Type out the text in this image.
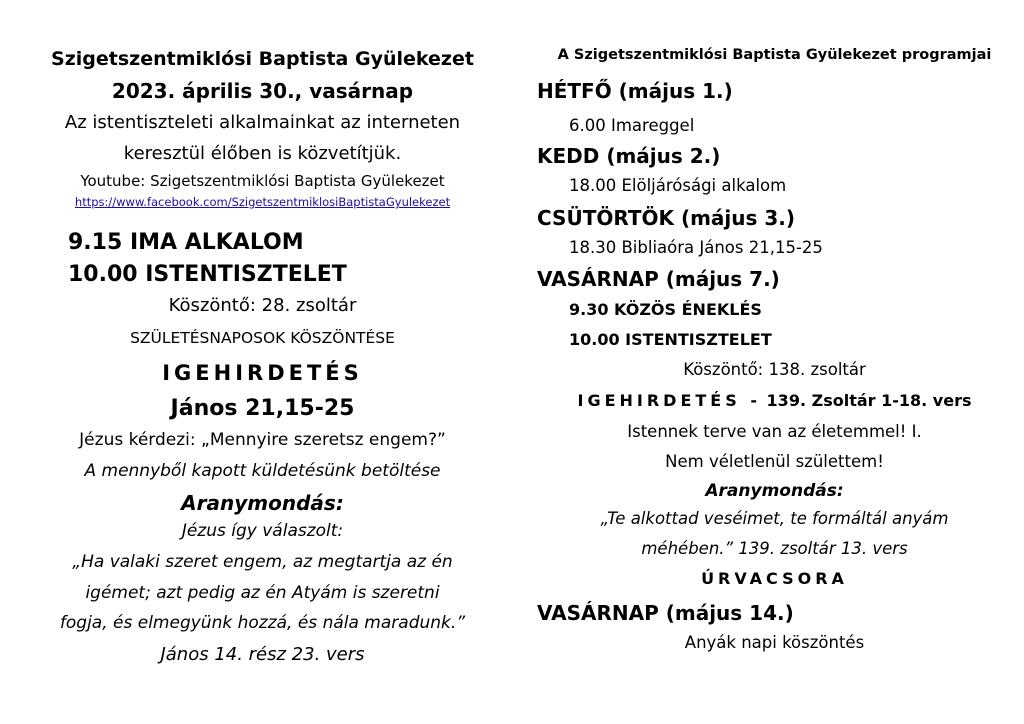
Szigetszentmiklósi Baptista Gyülekezet
2023. április 30., vasárnap
Az istentiszteleti alkalmainkat az interneten
keresztül élőben is közvetítjük.
Youtube: Szigetszentmiklósi Baptista Gyülekezet
https://www.facebook.com/SzigetszentmiklosiBaptistaGyulekezet
9.15 IMA ALKALOM
10.00 ISTENTISZTELET
Köszöntő: 28. zsoltár
SZÜLETÉSNAPOSOK KÖSZÖNTÉSE
IGEHIRDETÉS
János 21,15-25
Jézus kérdezi: „Mennyire szeretsz engem?”
A mennyből kapott küldetésünk betöltése
Aranymondás:
Jézus így válaszolt:
„Ha valaki szeret engem, az megtartja az én
igémet; azt pedig az én Atyám is szeretni
fogja, és elmegyünk hozzá, és nála maradunk.”
János 14. rész 23. vers
A Szigetszentmiklósi Baptista Gyülekezet programjai
HÉTFŐ (május 1.)
6.00 Imareggel
KEDD (május 2.)
18.00 Elöljárósági alkalom
CSÜTÖRTÖK (május 3.)
18.30 Bibliaóra János 21,15-25
VASÁRNAP (május 7.)
9.30 KÖZÖS ÉNEKLÉS
10.00 ISTENTISZTELET
Köszöntő: 138. zsoltár
IGEHIRDETÉS - 139. Zsoltár 1-18. vers
Istennek terve van az életemmel! I.
Nem véletlenül születtem!
Aranymondás:
„Te alkottad veséimet, te formáltál anyám
méhében.” 139. zsoltár 13. vers
ÚRVACSORA
VASÁRNAP (május 14.)
Anyák napi köszöntés
